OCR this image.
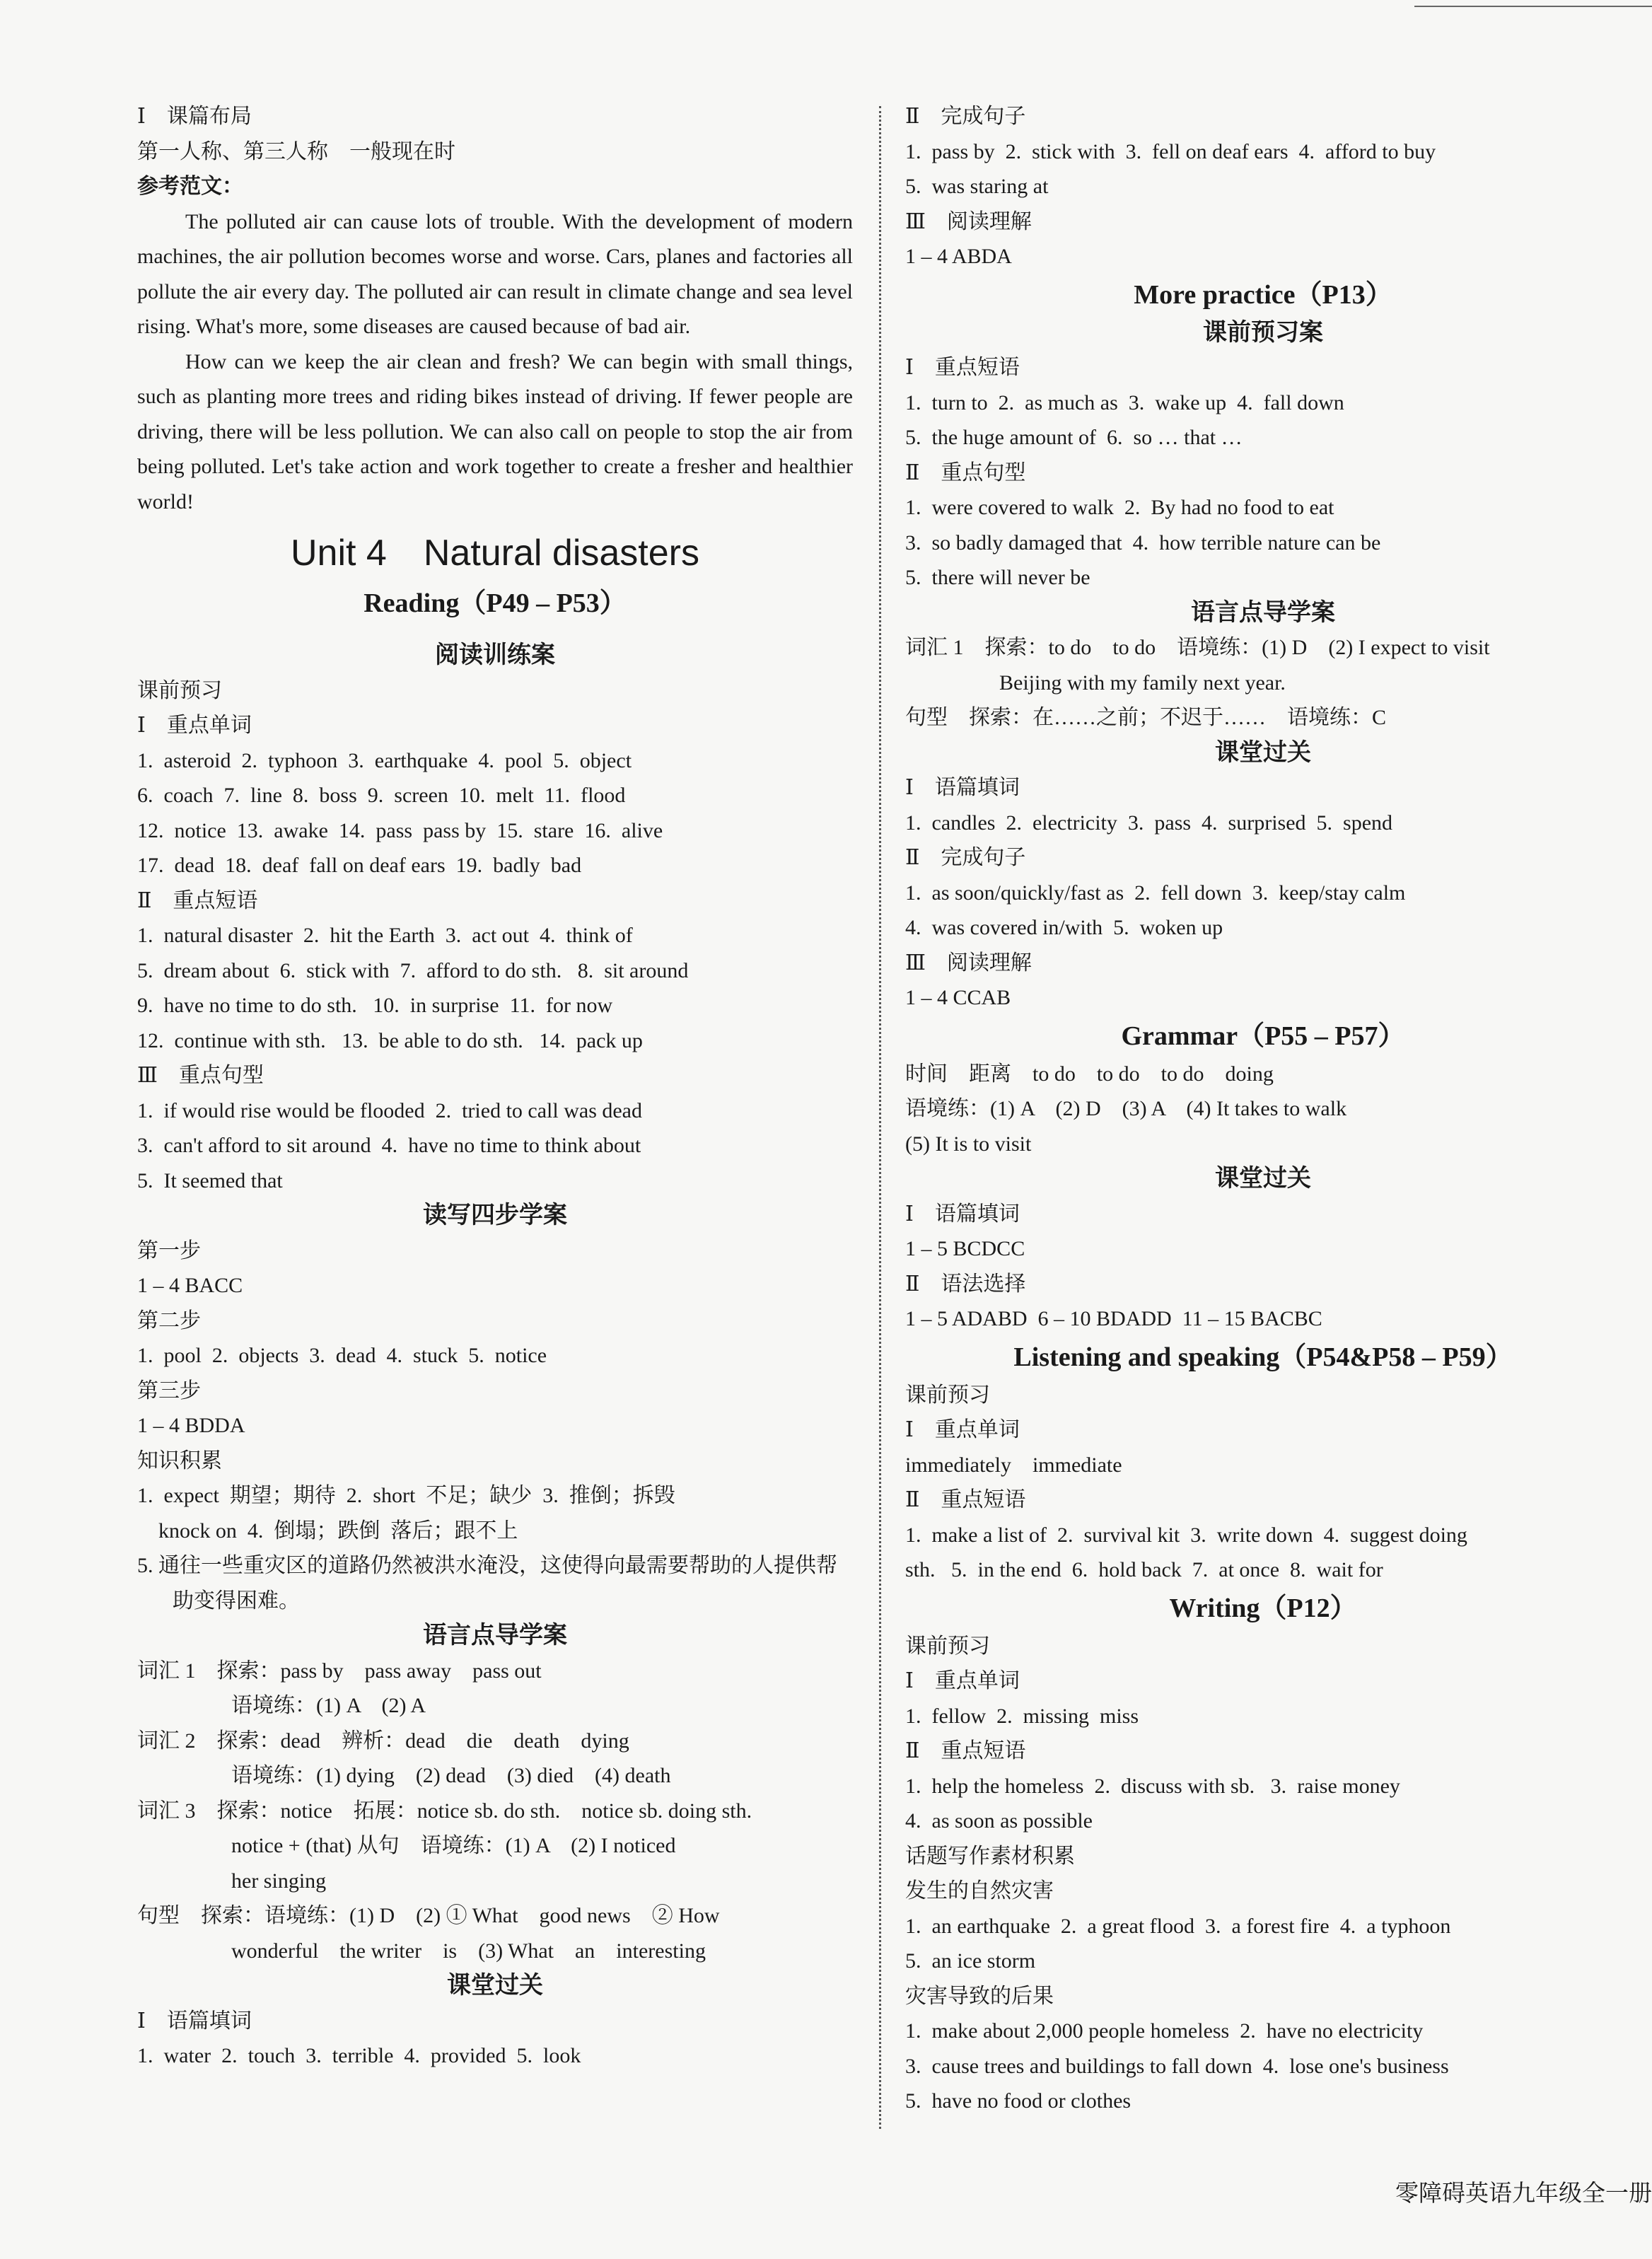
Ⅰ　课篇布局
第一人称、第三人称　一般现在时
参考范文：
The polluted air can cause lots of trouble. With the development of modern machines, the air pollution becomes worse and worse. Cars, planes and factories all pollute the air every day. The polluted air can result in climate change and sea level rising. What's more, some diseases are caused because of bad air.
How can we keep the air clean and fresh? We can begin with small things, such as planting more trees and riding bikes instead of driving. If fewer people are driving, there will be less pollution. We can also call on people to stop the air from being polluted. Let's take action and work together to create a fresher and healthier world!
Unit 4　Natural disasters
Reading（P49 – P53）
阅读训练案
课前预习
Ⅰ　重点单词
1.  asteroid  2.  typhoon  3.  earthquake  4.  pool  5.  object
6.  coach  7.  line  8.  boss  9.  screen  10.  melt  11.  flood
12.  notice  13.  awake  14.  pass  pass by  15.  stare  16.  alive
17.  dead  18.  deaf  fall on deaf ears  19.  badly  bad
Ⅱ　重点短语
1.  natural disaster  2.  hit the Earth  3.  act out  4.  think of
5.  dream about  6.  stick with  7.  afford to do sth.   8.  sit around
9.  have no time to do sth.   10.  in surprise  11.  for now
12.  continue with sth.   13.  be able to do sth.   14.  pack up
Ⅲ　重点句型
1.  if would rise would be flooded  2.  tried to call was dead
3.  can't afford to sit around  4.  have no time to think about
5.  It seemed that
读写四步学案
第一步
1 – 4 BACC
第二步
1.  pool  2.  objects  3.  dead  4.  stuck  5.  notice
第三步
1 – 4 BDDA
知识积累
1.  expect  期望；期待  2.  short  不足；缺少  3.  推倒；拆毁
knock on  4.  倒塌；跌倒  落后；跟不上
5. 通往一些重灾区的道路仍然被洪水淹没，这使得向最需要帮助的人提供帮助变得困难。
语言点导学案
词汇 1　探索：pass by　pass away　pass out
语境练：(1) A　(2) A
词汇 2　探索：dead　辨析：dead　die　death　dying
语境练：(1) dying　(2) dead　(3) died　(4) death
词汇 3　探索：notice　拓展：notice sb. do sth.　notice sb. doing sth.
notice + (that) 从句　语境练：(1) A　(2) I noticed
her singing
句型　探索：语境练：(1) D　(2) ① What　good news　② How
wonderful　the writer　is　(3) What　an　interesting
课堂过关
Ⅰ　语篇填词
1.  water  2.  touch  3.  terrible  4.  provided  5.  look
Ⅱ　完成句子
1.  pass by  2.  stick with  3.  fell on deaf ears  4.  afford to buy
5.  was staring at
Ⅲ　阅读理解
1 – 4 ABDA
More practice（P13）
课前预习案
Ⅰ　重点短语
1.  turn to  2.  as much as  3.  wake up  4.  fall down
5.  the huge amount of  6.  so … that …
Ⅱ　重点句型
1.  were covered to walk  2.  By had no food to eat
3.  so badly damaged that  4.  how terrible nature can be
5.  there will never be
语言点导学案
词汇 1　探索：to do　to do　语境练：(1) D　(2) I expect to visit
Beijing with my family next year.
句型　探索：在……之前；不迟于……　语境练：C
课堂过关
Ⅰ　语篇填词
1.  candles  2.  electricity  3.  pass  4.  surprised  5.  spend
Ⅱ　完成句子
1.  as soon/quickly/fast as  2.  fell down  3.  keep/stay calm
4.  was covered in/with  5.  woken up
Ⅲ　阅读理解
1 – 4 CCAB
Grammar（P55 – P57）
时间　距离　to do　to do　to do　doing
语境练：(1) A　(2) D　(3) A　(4) It takes to walk
(5) It is to visit
课堂过关
Ⅰ　语篇填词
1 – 5 BCDCC
Ⅱ　语法选择
1 – 5 ADABD  6 – 10 BDADD  11 – 15 BACBC
Listening and speaking（P54&P58 – P59）
课前预习
Ⅰ　重点单词
immediately　immediate
Ⅱ　重点短语
1.  make a list of  2.  survival kit  3.  write down  4.  suggest doing
sth.   5.  in the end  6.  hold back  7.  at once  8.  wait for
Writing（P12）
课前预习
Ⅰ　重点单词
1.  fellow  2.  missing  miss
Ⅱ　重点短语
1.  help the homeless  2.  discuss with sb.   3.  raise money
4.  as soon as possible
话题写作素材积累
发生的自然灾害
1.  an earthquake  2.  a great flood  3.  a forest fire  4.  a typhoon
5.  an ice storm
灾害导致的后果
1.  make about 2,000 people homeless  2.  have no electricity
3.  cause trees and buildings to fall down  4.  lose one's business
5.  have no food or clothes
零障碍英语九年级全一册
